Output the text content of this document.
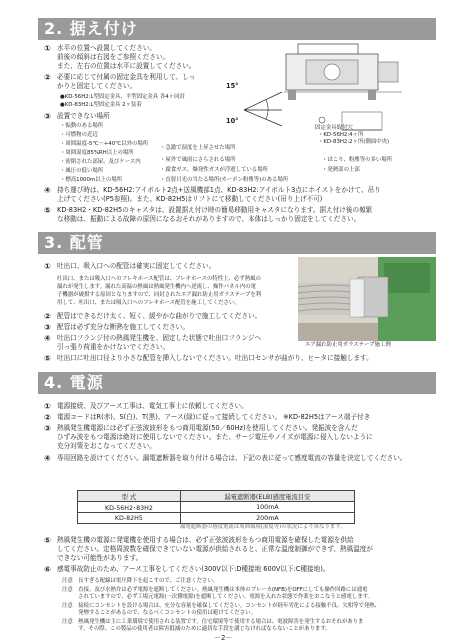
2. 据え付け
① 水平の位置へ設置してください。
前後の傾斜は右図をご参照ください。
また、左右の位置は水平に設置してください。
② 必要に応じて付属の固定金具を利用して、しっ
かりと固定してください。
●KD-56H2:L型固定金具、平型固定金具 各4ヶ同封
●KD-83H2:L型固定金具 2ヶ装着
③ 設置できない場所
・振動のある場所
・可燃物の近辺
・周囲温度-5℃～+40℃以外の場所
・周囲湿度85%RH以上の場所
・密閉された部屋、及びケース内
・風圧の低い場所
・標高1000m以上の場所
・急激で湿度を上昇させた場所
・屋外で風雨にさらされる場所
・腐食ガス、爆発性ガスが浮遊している場所
・直射日光の当たる場所(カーボン粉塵等)のある場所
・ほこり、粉塵等の多い場所
・発熱部の上部
15°
10°
固定金具取付穴
・KD-56H2:4ヶ所
・KD-83H2:2ヶ所(側面中央)
④ 持ち運び時は、KD-56H2:アイボルト2点+送風機部1点、KD-83H2:アイボルト3点にホイストをかけて、吊り
上げてください(P5参照)。また、KD-82H5はリフトにて移動してください(吊り上げ不可)
⑤ KD-83H2・KD-82H5のキャスタは、設置据え付け時の簡易移動用キャスタになります。据え付け後の頻繁
な移動は、振動による故障の原因になるおそれがありますので、本体はしっかり固定をしてください。
3. 配管
① 吐出口、吸入口への配管は確実に固定してください。
吐出口、または吸入口へのフレキホース配管は、フレキホースの特性上、必ず熱風の
漏れが発生します。漏れた高温の熱風は熱風発生機内へ逆流し、操作パネル内の電
子機器が破損する原因となりますので、同封されたエア漏れ防止用ガラステープを利
用して、吐出口、または吸入口へのフレキホース配管を施工してください。
② 配管はできるだけ太く、短く、緩やかな曲がりで施工してください。
③ 配管は必ず充分な断熱を施工してください。
④ 吐出口フランジ付の熱風発生機を、固定した状態で吐出口フランジへ
引っ張り荷重をかけないでください。
⑤ 吐出口に吐出口径より小さな配管を挿入しないでください。吐出口センサが曲がり、ヒータに接触します。
エア漏れ防止用ガラステープ施工例
4. 電源
① 電源接続、及びアース工事は、電気工事士に依頼してください。
② 電源コードはR(赤)、S(白)、T(黒)、アース(緑)に従って接続してください。 ※KD-82H5はアース端子付き
③ 熱風発生機電源には必ず正弦波波形をもつ商用電源(50／60Hz)を使用してください。発振波を含んだ
ひずみ波をもつ電源は絶対に使用しないでください。また、サージ電圧やノイズが電源に侵入しないように
充分対策をおこなってください。
④ 専用回路を設けてください。漏電遮断器を取り付ける場合は、下記の表に従って感度電流の容量を決定してください。
型 式	漏電遮断器(ELB)感度電流目安
KD-56H2･83H2	100mA
KD-82H5	200mA
漏電遮断器の感度電流は周囲環境(湿度等)の状況により異なります。
⑤ 熱風発生機の電源に発電機を使用する場合は、必ず正弦波波形をもつ商用電源を確保した電源を供給
してください。定格周波数を確保できていない電源が供給されると、正常な温度制御ができず、熱風温度が
できない可能性があります。
⑥ 感電事故防止のため、アース工事をしてください(300V以下:D種接地 600V以下:C種接地)。
注意　長すぎる配線は電圧降下を起こすので、ご注意ください。
注意　直接、及び水熱弁は必ず電源を遮断してください。熱風発生機は本体のブレーカ(NFB)をOFFにしても操作回路には通電
　　　されていますので、必ず工場元電源(一次側電源)を遮断してください。電源を入れた状態で作業をおこなうと感電します。
注意　接続にコンセントを設ける場合は、充分な容量を確保してください。コンセントが経年劣化による接触不良、欠相等で発熱、
　　　発煙することがあるので、なるべくコンセントの使用は避けてください。
注意　熱風発生機は主に工業環境で使用される装置です。住宅環境等で使用する場合は、電波障害を発生するおそれがありま
　　　す。その際、この製品の使用者は障害抵減のために適切な手段を講じなければならないことがあります。
－2－
